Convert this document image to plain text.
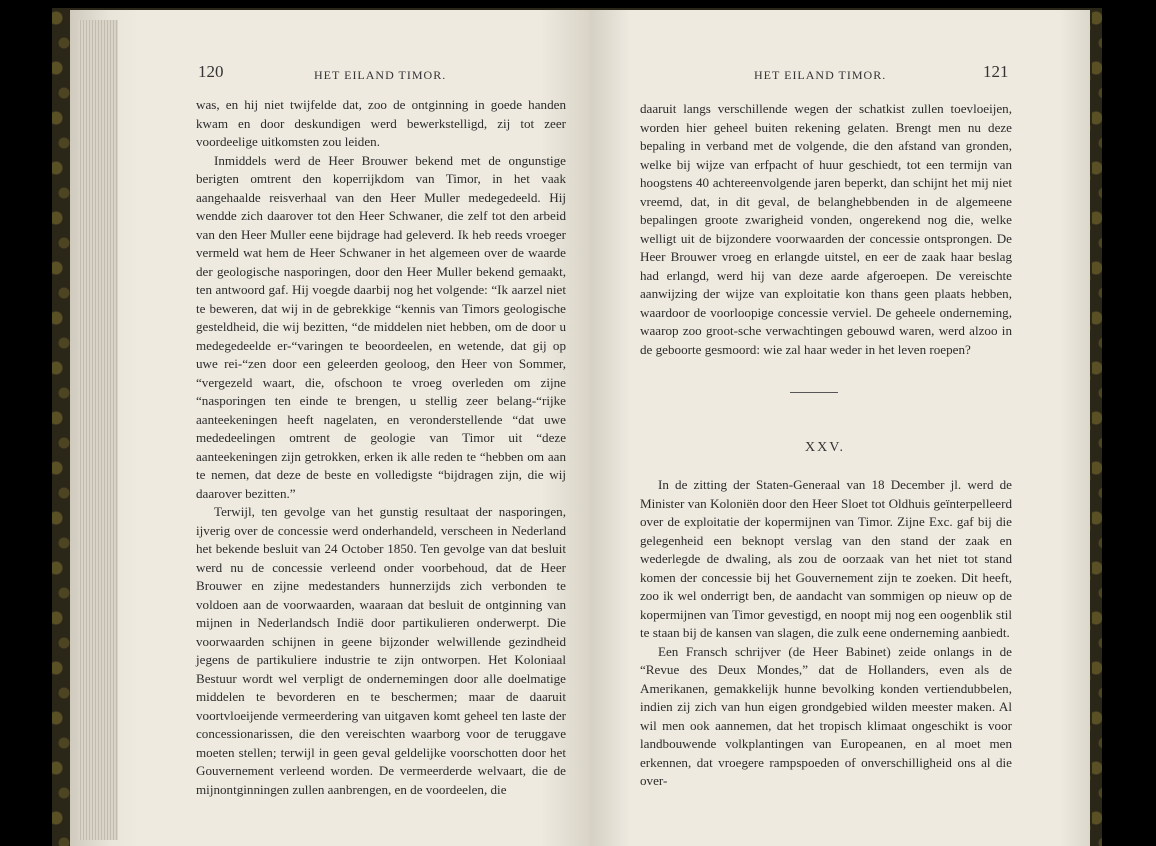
120	HET EILAND TIMOR.

was, en hij niet twijfelde dat, zoo de ontginning in goede handen kwam en door deskundigen werd bewerkstelligd, zij tot zeer voordeelige uitkomsten zou leiden.

Inmiddels werd de Heer Brouwer bekend met de ongunstige berigten omtrent den koperrijkdom van Timor, in het vaak aangehaalde reisverhaal van den Heer Muller medegedeeld. Hij wendde zich daarover tot den Heer Schwaner, die zelf tot den arbeid van den Heer Muller eene bijdrage had geleverd. Ik heb reeds vroeger vermeld wat hem de Heer Schwaner in het algemeen over de waarde der geologische nasporingen, door den Heer Muller bekend gemaakt, ten antwoord gaf. Hij voegde daarbij nog het volgende: “Ik aarzel niet te beweren, dat wij in de gebrekkige “kennis van Timors geologische gesteldheid, die wij bezitten, “de middelen niet hebben, om de door u medegedeelde er-“varingen te beoordeelen, en wetende, dat gij op uwe rei-“zen door een geleerden geoloog, den Heer von Sommer, “vergezeld waart, die, ofschoon te vroeg overleden om zijne “nasporingen ten einde te brengen, u stellig zeer belang-“rijke aanteekeningen heeft nagelaten, en veronderstellende “dat uwe mededeelingen omtrent de geologie van Timor uit “deze aanteekeningen zijn getrokken, erken ik alle reden te “hebben om aan te nemen, dat deze de beste en volledigste “bijdragen zijn, die wij daarover bezitten.”

Terwijl, ten gevolge van het gunstig resultaat der nasporingen, ijverig over de concessie werd onderhandeld, verscheen in Nederland het bekende besluit van 24 October 1850. Ten gevolge van dat besluit werd nu de concessie verleend onder voorbehoud, dat de Heer Brouwer en zijne medestanders hunnerzijds zich verbonden te voldoen aan de voorwaarden, waaraan dat besluit de ontginning van mijnen in Nederlandsch Indië door partikulieren onderwerpt. Die voorwaarden schijnen in geene bijzonder welwillende gezindheid jegens de partikuliere industrie te zijn ontworpen. Het Koloniaal Bestuur wordt wel verpligt de ondernemingen door alle doelmatige middelen te bevorderen en te beschermen; maar de daaruit voortvloeijende vermeerdering van uitgaven komt geheel ten laste der concessionarissen, die den vereischten waarborg voor de teruggave moeten stellen; terwijl in geen geval geldelijke voorschotten door het Gouvernement verleend worden. De vermeerderde welvaart, die de mijnontginningen zullen aanbrengen, en de voordeelen, die

HET EILAND TIMOR.	121

daaruit langs verschillende wegen der schatkist zullen toevloeijen, worden hier geheel buiten rekening gelaten. Brengt men nu deze bepaling in verband met de volgende, die den afstand van gronden, welke bij wijze van erfpacht of huur geschiedt, tot een termijn van hoogstens 40 achtereenvolgende jaren beperkt, dan schijnt het mij niet vreemd, dat, in dit geval, de belanghebbenden in de algemeene bepalingen groote zwarigheid vonden, ongerekend nog die, welke welligt uit de bijzondere voorwaarden der concessie ontsprongen. De Heer Brouwer vroeg en erlangde uitstel, en eer de zaak haar beslag had erlangd, werd hij van deze aarde afgeroepen. De vereischte aanwijzing der wijze van exploitatie kon thans geen plaats hebben, waardoor de voorloopige concessie verviel. De geheele onderneming, waarop zoo groot-sche verwachtingen gebouwd waren, werd alzoo in de geboorte gesmoord: wie zal haar weder in het leven roepen?

XXV.

In de zitting der Staten-Generaal van 18 December jl. werd de Minister van Koloniën door den Heer Sloet tot Oldhuis geïnterpelleerd over de exploitatie der kopermijnen van Timor. Zijne Exc. gaf bij die gelegenheid een beknopt verslag van den stand der zaak en wederlegde de dwaling, als zou de oorzaak van het niet tot stand komen der concessie bij het Gouvernement zijn te zoeken. Dit heeft, zoo ik wel onderrigt ben, de aandacht van sommigen op nieuw op de kopermijnen van Timor gevestigd, en noopt mij nog een oogenblik stil te staan bij de kansen van slagen, die zulk eene onderneming aanbiedt.

Een Fransch schrijver (de Heer Babinet) zeide onlangs in de “Revue des Deux Mondes,” dat de Hollanders, even als de Amerikanen, gemakkelijk hunne bevolking konden vertiendubbelen, indien zij zich van hun eigen grondgebied wilden meester maken. Al wil men ook aannemen, dat het tropisch klimaat ongeschikt is voor landbouwende volkplantingen van Europeanen, en al moet men erkennen, dat vroegere rampspoeden of onverschilligheid ons al die over-
